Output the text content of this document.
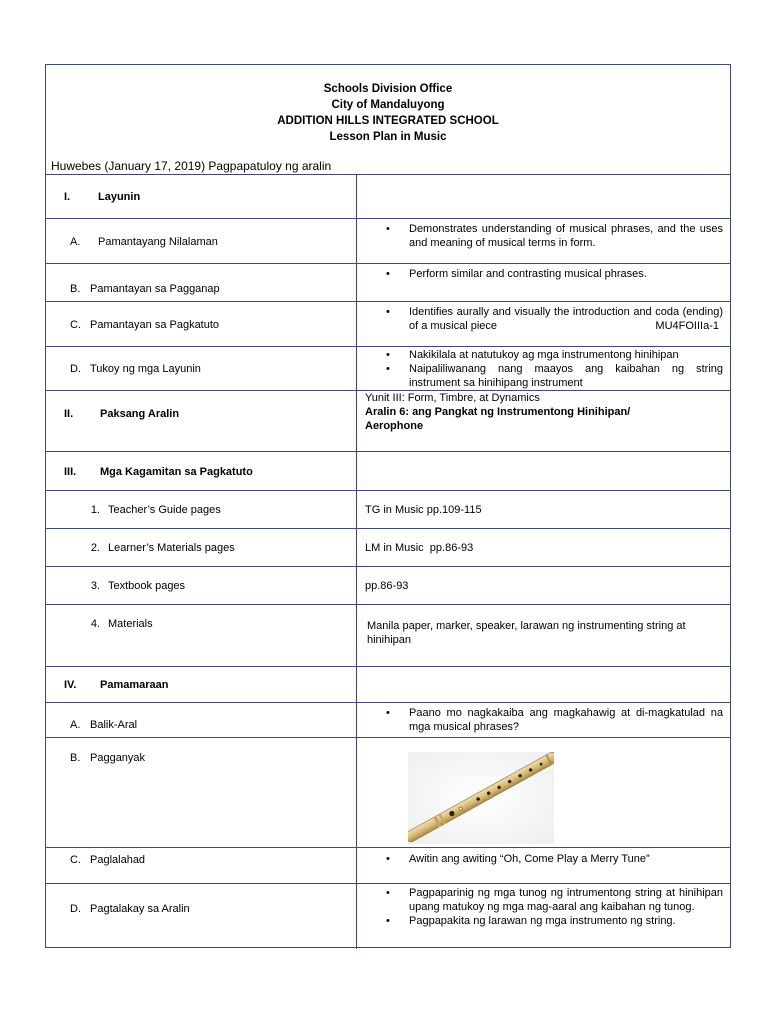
Schools Division Office
City of Mandaluyong
ADDITION HILLS INTEGRATED SCHOOL
Lesson Plan in Music
Huwebes (January 17, 2019) Pagpapatuloy ng aralin
I.	Layunin
A.	Pamantayang Nilalaman
• Demonstrates understanding of musical phrases, and the uses and meaning of musical terms in form.
B. Pamantayan sa Pagganap
• Perform similar and contrasting musical phrases.
C. Pamantayan sa Pagkatuto
• Identifies aurally and visually the introduction and coda (ending) of a musical piece	MU4FOIIIa-1
D. Tukoy ng mga Layunin
• Nakikilala at natutukoy ag mga instrumentong hinihipan
• Naipaliliwanang nang maayos ang kaibahan ng string instrument sa hinihipang instrument
II.	Paksang Aralin
Yunit III: Form, Timbre, at Dynamics
Aralin 6: ang Pangkat ng Instrumentong Hinihipan/ Aerophone
III.	Mga Kagamitan sa Pagkatuto
1. Teacher’s Guide pages	TG in Music pp.109-115
2. Learner’s Materials pages	LM in Music  pp.86-93
3. Textbook pages	pp.86-93
4. Materials	Manila paper, marker, speaker, larawan ng instrumenting string at hinihipan
IV.	Pamamaraan
A. Balik-Aral
• Paano mo nagkakaiba ang magkahawig at di-magkatulad na mga musical phrases?
B. Pagganyak
C. Paglalahad
•	Awitin ang awiting “Oh, Come Play a Merry Tune”
D. Pagtalakay sa Aralin
• Pagpaparinig ng mga tunog ng intrumentong string at hinihipan upang matukoy ng mga mag-aaral ang kaibahan ng tunog.
• Pagpapakita ng larawan ng mga instrumento ng string.
